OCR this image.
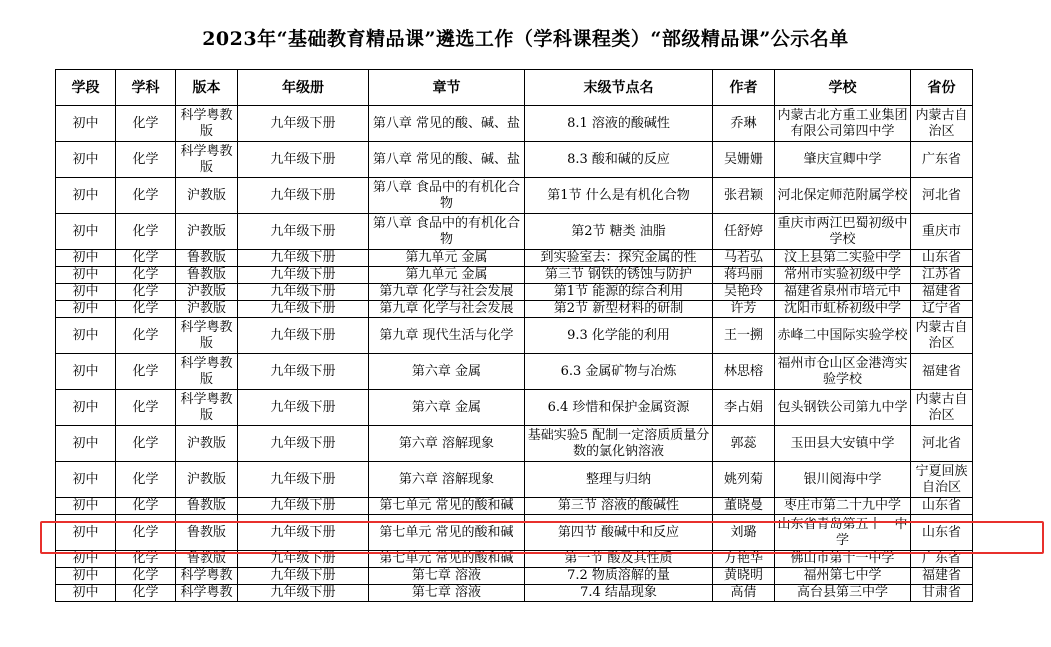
2023年“基础教育精品课”遴选工作（学科课程类）“部级精品课”公示名单
学段	学科	版本	年级册	章节	末级节点名	作者	学校	省份
初中	化学	科学粤教版	九年级下册	第八章 常见的酸、碱、盐	8.1 溶液的酸碱性	乔琳	内蒙古北方重工业集团有限公司第四中学	内蒙古自治区
初中	化学	科学粤教版	九年级下册	第八章 常见的酸、碱、盐	8.3 酸和碱的反应	吴姗姗	肇庆宣卿中学	广东省
初中	化学	沪教版	九年级下册	第八章 食品中的有机化合物	第1节 什么是有机化合物	张君颖	河北保定师范附属学校	河北省
初中	化学	沪教版	九年级下册	第八章 食品中的有机化合物	第2节 糖类 油脂	任舒婷	重庆市两江巴蜀初级中学校	重庆市
初中	化学	鲁教版	九年级下册	第九单元 金属	到实验室去：探究金属的性	马若弘	汶上县第二实验中学	山东省
初中	化学	鲁教版	九年级下册	第九单元 金属	第三节 钢铁的锈蚀与防护	蒋玛丽	常州市实验初级中学	江苏省
初中	化学	沪教版	九年级下册	第九章 化学与社会发展	第1节 能源的综合利用	吴艳玲	福建省泉州市培元中	福建省
初中	化学	沪教版	九年级下册	第九章 化学与社会发展	第2节 新型材料的研制	许芳	沈阳市虹桥初级中学	辽宁省
初中	化学	科学粤教版	九年级下册	第九章 现代生活与化学	9.3 化学能的利用	王一搠	赤峰二中国际实验学校	内蒙古自治区
初中	化学	科学粤教版	九年级下册	第六章 金属	6.3 金属矿物与冶炼	林思榕	福州市仓山区金港湾实验学校	福建省
初中	化学	科学粤教版	九年级下册	第六章 金属	6.4 珍惜和保护金属资源	李占娟	包头钢铁公司第九中学	内蒙古自治区
初中	化学	沪教版	九年级下册	第六章 溶解现象	基础实验5 配制一定溶质质量分数的氯化钠溶液	郭蕊	玉田县大安镇中学	河北省
初中	化学	沪教版	九年级下册	第六章 溶解现象	整理与归纳	姚列菊	银川阅海中学	宁夏回族自治区
初中	化学	鲁教版	九年级下册	第七单元 常见的酸和碱	第三节 溶液的酸碱性	董晓曼	枣庄市第二十九中学	山东省
初中	化学	鲁教版	九年级下册	第七单元 常见的酸和碱	第四节 酸碱中和反应	刘璐	山东省青岛第五十一中学	山东省
初中	化学	鲁教版	九年级下册	第七单元 常见的酸和碱	第一节 酸及其性质	方艳华	佛山市第十一中学	广东省
初中	化学	科学粤教	九年级下册	第七章 溶液	7.2 物质溶解的量	黄晓明	福州第七中学	福建省
初中	化学	科学粤教	九年级下册	第七章 溶液	7.4 结晶现象	高倩	高台县第三中学	甘肃省
